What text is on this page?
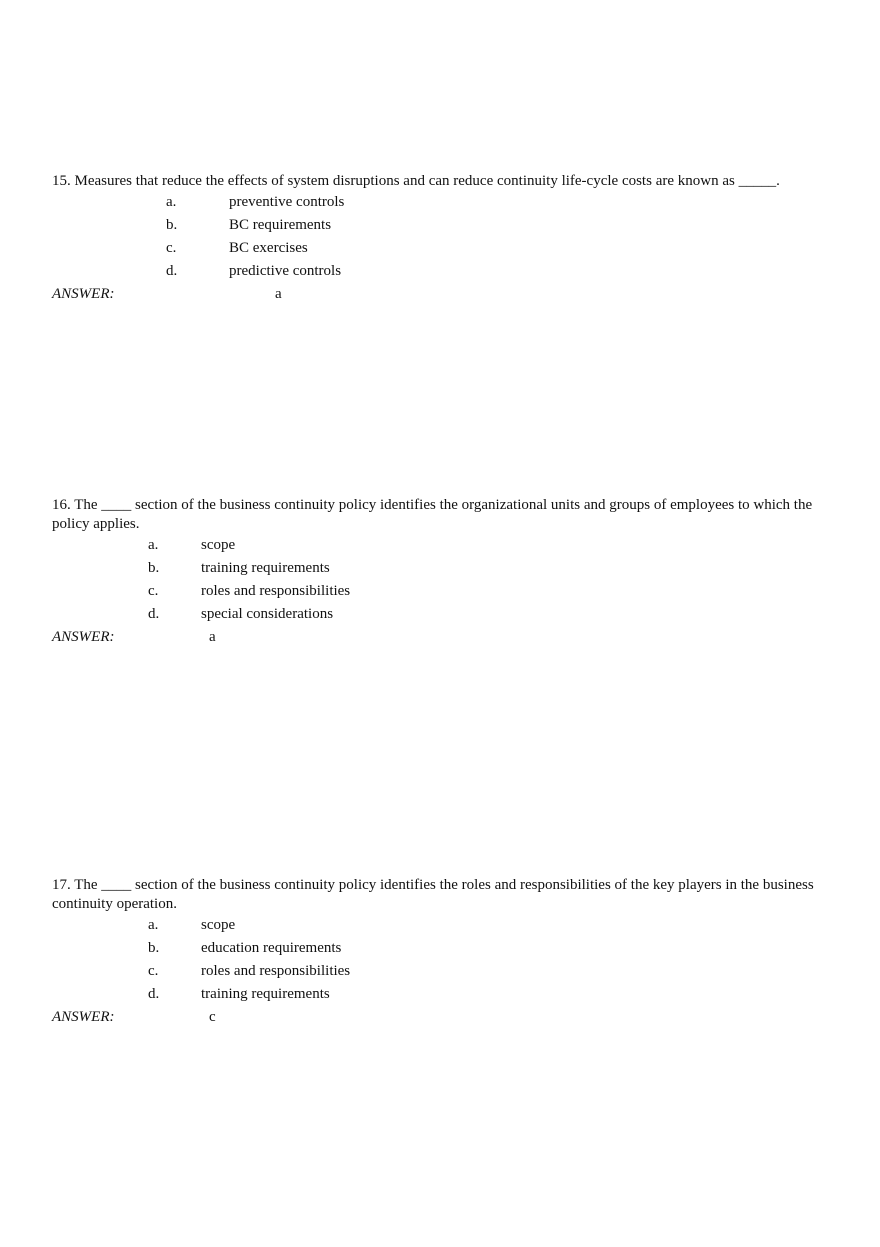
15. Measures that reduce the effects of system disruptions and can reduce continuity life-cycle costs are known as _____.

a.	preventive controls
b.	BC requirements
c.	BC exercises
d.	predictive controls
ANSWER:	a

16. The ____ section of the business continuity policy identifies the organizational units and groups of employees to which the policy applies.

a.	scope
b.	training requirements
c.	roles and responsibilities
d.	special considerations
ANSWER:	a

17. The ____ section of the business continuity policy identifies the roles and responsibilities of the key players in the business continuity operation.

a.	scope
b.	education requirements
c.	roles and responsibilities
d.	training requirements
ANSWER:	c
